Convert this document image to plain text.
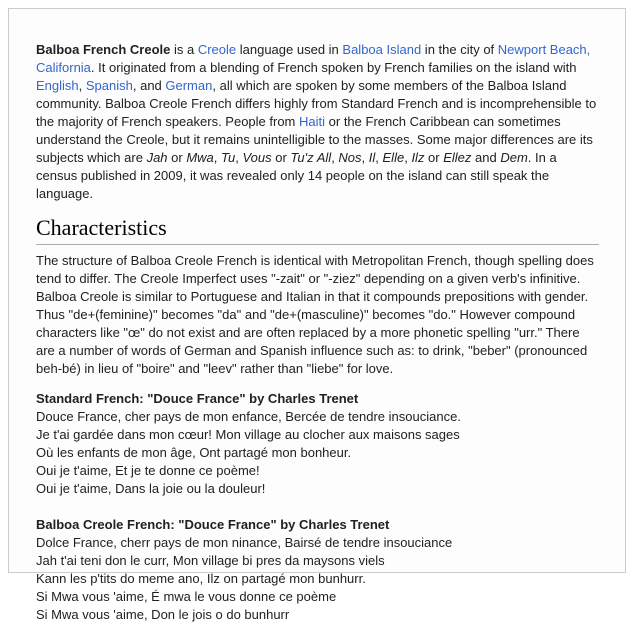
Balboa French Creole is a Creole language used in Balboa Island in the city of Newport Beach, California. It originated from a blending of French spoken by French families on the island with English, Spanish, and German, all which are spoken by some members of the Balboa Island community. Balboa Creole French differs highly from Standard French and is incomprehensible to the majority of French speakers. People from Haiti or the French Caribbean can sometimes understand the Creole, but it remains unintelligible to the masses. Some major differences are its subjects which are Jah or Mwa, Tu, Vous or Tu'z All, Nos, Il, Elle, Ilz or Ellez and Dem. In a census published in 2009, it was revealed only 14 people on the island can still speak the language.

Characteristics

The structure of Balboa Creole French is identical with Metropolitan French, though spelling does tend to differ. The Creole Imperfect uses "-zait" or "-ziez" depending on a given verb's infinitive. Balboa Creole is similar to Portuguese and Italian in that it compounds prepositions with gender. Thus "de+(feminine)" becomes "da" and "de+(masculine)" becomes "do." However compound characters like "œ" do not exist and are often replaced by a more phonetic spelling "urr." There are a number of words of German and Spanish influence such as: to drink, "beber" (pronounced beh-bé) in lieu of "boire" and "leev" rather than "liebe" for love.

Standard French: "Douce France" by Charles Trenet
Douce France, cher pays de mon enfance, Bercée de tendre insouciance.
Je t'ai gardée dans mon cœur! Mon village au clocher aux maisons sages
Où les enfants de mon âge, Ont partagé mon bonheur.
Oui je t'aime, Et je te donne ce poème!
Oui je t'aime, Dans la joie ou la douleur!
Balboa Creole French: "Douce France" by Charles Trenet
Dolce France, cherr pays de mon ninance, Bairsé de tendre insouciance
Jah t'ai teni don le curr, Mon village bi pres da maysons viels
Kann les p'tits do meme ano, Ilz on partagé mon bunhurr.
Si Mwa vous 'aime, É mwa le vous donne ce poème
Si Mwa vous 'aime, Don le jois o do bunhurr
